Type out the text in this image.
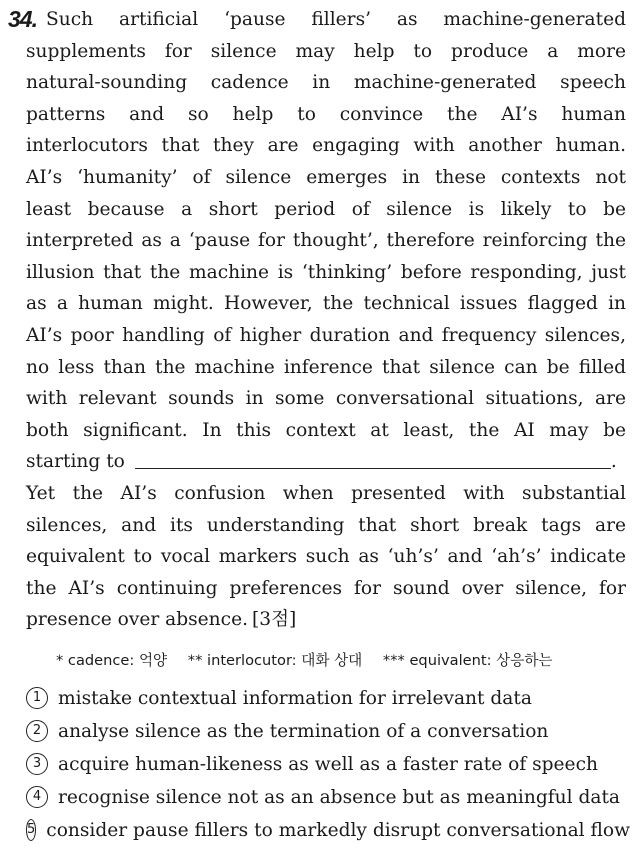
34. Such artificial ‘pause fillers’ as machine-generated
supplements for silence may help to produce a more
natural-sounding cadence in machine-generated speech
patterns and so help to convince the AI’s human
interlocutors that they are engaging with another human.
AI’s ‘humanity’ of silence emerges in these contexts not
least because a short period of silence is likely to be
interpreted as a ‘pause for thought’, therefore reinforcing the
illusion that the machine is ‘thinking’ before responding, just
as a human might. However, the technical issues flagged in
AI’s poor handling of higher duration and frequency silences,
no less than the machine inference that silence can be filled
with relevant sounds in some conversational situations, are
both significant. In this context at least, the AI may be
starting to	.
Yet the AI’s confusion when presented with substantial
silences, and its understanding that short break tags are
equivalent to vocal markers such as ‘uh’s’ and ‘ah’s’ indicate
the AI’s continuing preferences for sound over silence, for
presence over absence. [3점]
* cadence: 억양 ** interlocutor: 대화 상대 *** equivalent: 상응하는
1 mistake contextual information for irrelevant data
2 analyse silence as the termination of a conversation
3 acquire human-likeness as well as a faster rate of speech
4 recognise silence not as an absence but as meaningful data
5 consider pause fillers to markedly disrupt conversational flow
